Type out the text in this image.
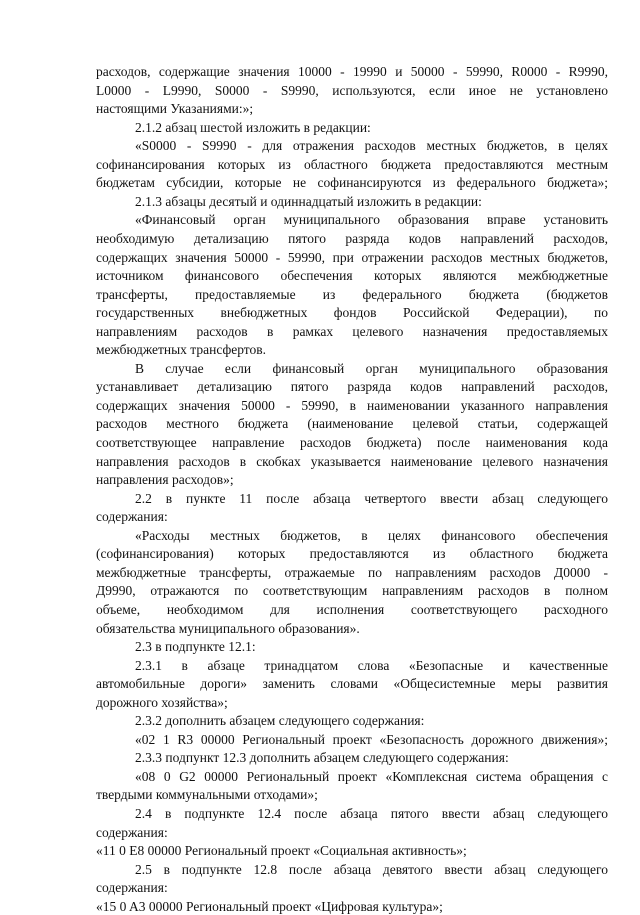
расходов, содержащие значения 10000 - 19990 и 50000 - 59990, R0000 - R9990,
L0000 - L9990, S0000 - S9990, используются, если иное не установлено
настоящими Указаниями:»;
2.1.2 абзац шестой изложить в редакции:
«S0000 - S9990 - для отражения расходов местных бюджетов, в целях
софинансирования которых из областного бюджета предоставляются местным
бюджетам субсидии, которые не софинансируются из федерального бюджета»;
2.1.3 абзацы десятый и одиннадцатый изложить в редакции:
«Финансовый орган муниципального образования вправе установить
необходимую детализацию пятого разряда кодов направлений расходов,
содержащих значения 50000 - 59990, при отражении расходов местных бюджетов,
источником финансового обеспечения которых являются межбюджетные
трансферты, предоставляемые из федерального бюджета (бюджетов
государственных внебюджетных фондов Российской Федерации), по
направлениям расходов в рамках целевого назначения предоставляемых
межбюджетных трансфертов.
В случае если финансовый орган муниципального образования
устанавливает детализацию пятого разряда кодов направлений расходов,
содержащих значения 50000 - 59990, в наименовании указанного направления
расходов местного бюджета (наименование целевой статьи, содержащей
соответствующее направление расходов бюджета) после наименования кода
направления расходов в скобках указывается наименование целевого назначения
направления расходов»;
2.2 в пункте 11 после абзаца четвертого ввести абзац следующего
содержания:
«Расходы местных бюджетов, в целях финансового обеспечения
(софинансирования) которых предоставляются из областного бюджета
межбюджетные трансферты, отражаемые по направлениям расходов Д0000 -
Д9990, отражаются по соответствующим направлениям расходов в полном
объеме, необходимом для исполнения соответствующего расходного
обязательства муниципального образования».
2.3 в подпункте 12.1:
2.3.1 в абзаце тринадцатом слова «Безопасные и качественные
автомобильные дороги» заменить словами «Общесистемные меры развития
дорожного хозяйства»;
2.3.2 дополнить абзацем следующего содержания:
«02 1 R3 00000 Региональный проект «Безопасность дорожного движения»;
2.3.3 подпункт 12.3 дополнить абзацем следующего содержания:
«08 0 G2 00000 Региональный проект «Комплексная система обращения с
твердыми коммунальными отходами»;
2.4 в подпункте 12.4 после абзаца пятого ввести абзац следующего
содержания:
«11 0 E8 00000 Региональный проект «Социальная активность»;
2.5 в подпункте 12.8 после абзаца девятого ввести абзац следующего
содержания:
«15 0 A3 00000 Региональный проект «Цифровая культура»;
